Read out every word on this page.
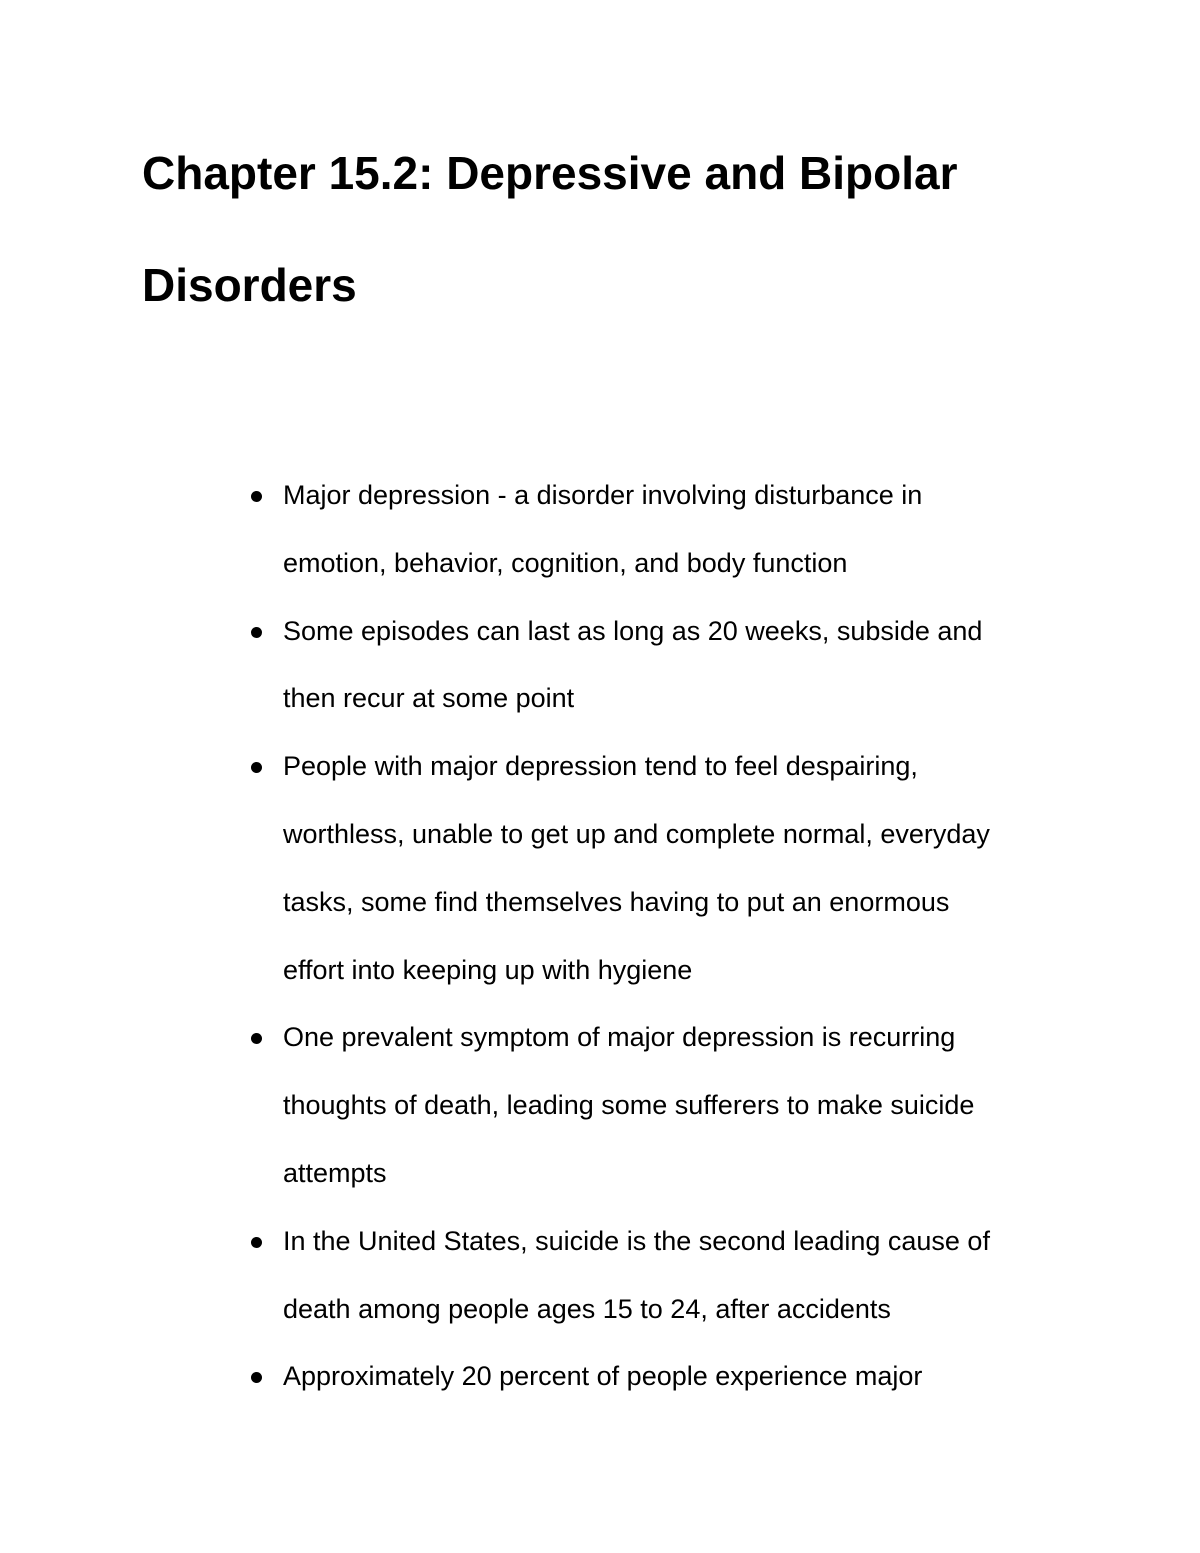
Chapter 15.2: Depressive and Bipolar
Disorders
Major depression - a disorder involving disturbance in
emotion, behavior, cognition, and body function
Some episodes can last as long as 20 weeks, subside and
then recur at some point
People with major depression tend to feel despairing,
worthless, unable to get up and complete normal, everyday
tasks, some find themselves having to put an enormous
effort into keeping up with hygiene
One prevalent symptom of major depression is recurring
thoughts of death, leading some sufferers to make suicide
attempts
In the United States, suicide is the second leading cause of
death among people ages 15 to 24, after accidents
Approximately 20 percent of people experience major
